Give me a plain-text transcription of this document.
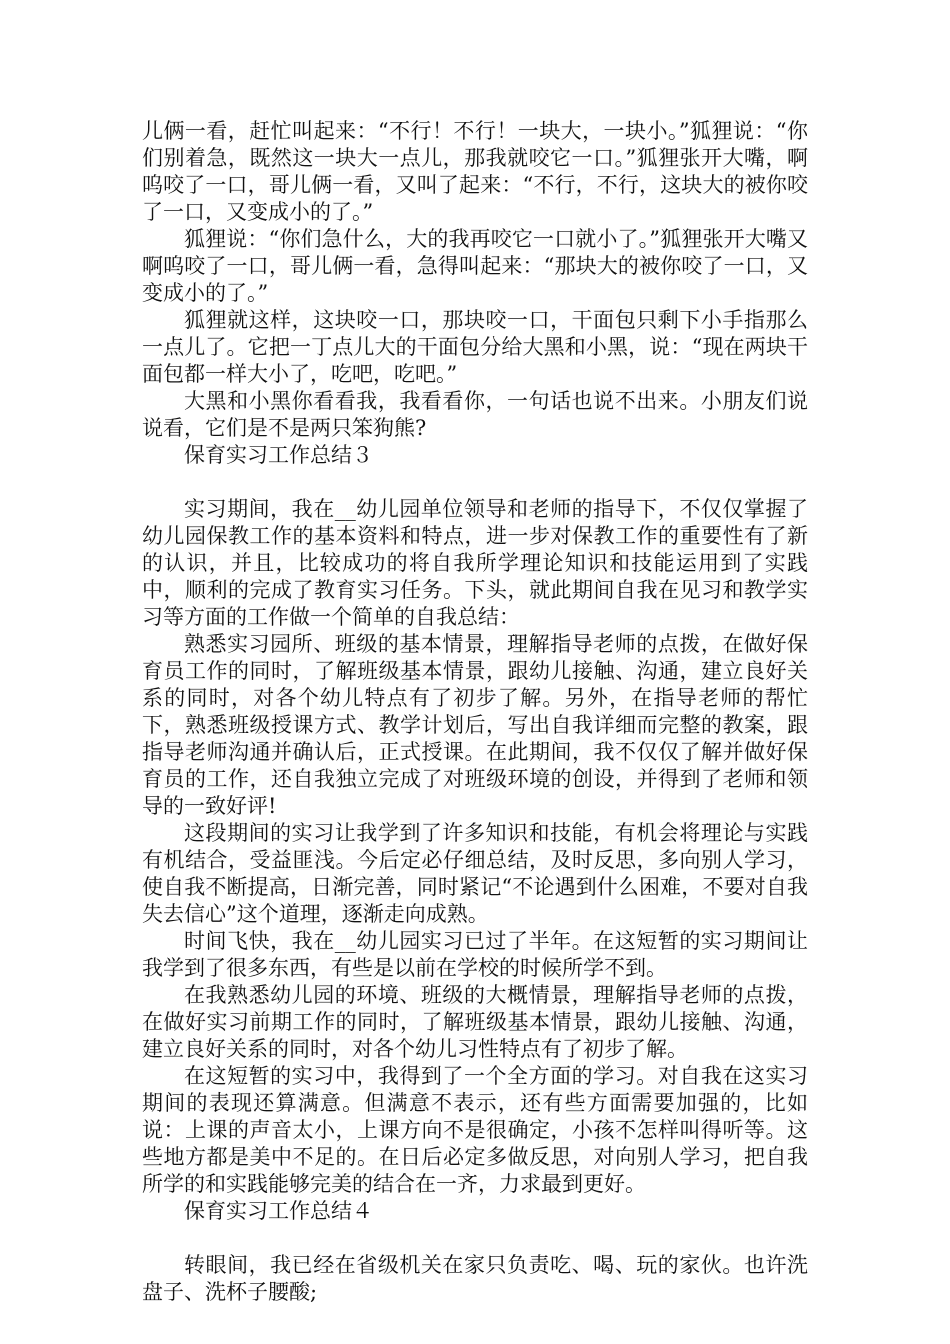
儿俩一看，赶忙叫起来：“不行！不行！一块大，一块小。”狐狸说：“你们别着急，既然这一块大一点儿，那我就咬它一口。”狐狸张开大嘴，啊呜咬了一口，哥儿俩一看，又叫了起来：“不行，不行，这块大的被你咬了一口，又变成小的了。”

狐狸说：“你们急什么，大的我再咬它一口就小了。”狐狸张开大嘴又啊呜咬了一口，哥儿俩一看，急得叫起来：“那块大的被你咬了一口，又变成小的了。”

狐狸就这样，这块咬一口，那块咬一口，干面包只剩下小手指那么一点儿了。它把一丁点儿大的干面包分给大黑和小黑，说：“现在两块干面包都一样大小了，吃吧，吃吧。”

大黑和小黑你看看我，我看看你，一句话也说不出来。小朋友们说说看，它们是不是两只笨狗熊?

保育实习工作总结３

实习期间，我在__幼儿园单位领导和老师的指导下，不仅仅掌握了幼儿园保教工作的基本资料和特点，进一步对保教工作的重要性有了新的认识，并且，比较成功的将自我所学理论知识和技能运用到了实践中，顺利的完成了教育实习任务。下头，就此期间自我在见习和教学实习等方面的工作做一个简单的自我总结：

熟悉实习园所、班级的基本情景，理解指导老师的点拨，在做好保育员工作的同时，了解班级基本情景，跟幼儿接触、沟通，建立良好关系的同时，对各个幼儿特点有了初步了解。另外，在指导老师的帮忙下，熟悉班级授课方式、教学计划后，写出自我详细而完整的教案，跟指导老师沟通并确认后，正式授课。在此期间，我不仅仅了解并做好保育员的工作，还自我独立完成了对班级环境的创设，并得到了老师和领导的一致好评!

这段期间的实习让我学到了许多知识和技能，有机会将理论与实践有机结合，受益匪浅。今后定必仔细总结，及时反思，多向别人学习，使自我不断提高，日渐完善，同时紧记“不论遇到什么困难，不要对自我失去信心”这个道理，逐渐走向成熟。

时间飞快，我在__幼儿园实习已过了半年。在这短暂的实习期间让我学到了很多东西，有些是以前在学校的时候所学不到。

在我熟悉幼儿园的环境、班级的大概情景，理解指导老师的点拨，在做好实习前期工作的同时，了解班级基本情景，跟幼儿接触、沟通，建立良好关系的同时，对各个幼儿习性特点有了初步了解。

在这短暂的实习中，我得到了一个全方面的学习。对自我在这实习期间的表现还算满意。但满意不表示，还有些方面需要加强的，比如说：上课的声音太小，上课方向不是很确定，小孩不怎样叫得听等。这些地方都是美中不足的。在日后必定多做反思，对向别人学习，把自我所学的和实践能够完美的结合在一齐，力求最到更好。

保育实习工作总结４

转眼间，我已经在省级机关在家只负责吃、喝、玩的家伙。也许洗盘子、洗杯子腰酸;
